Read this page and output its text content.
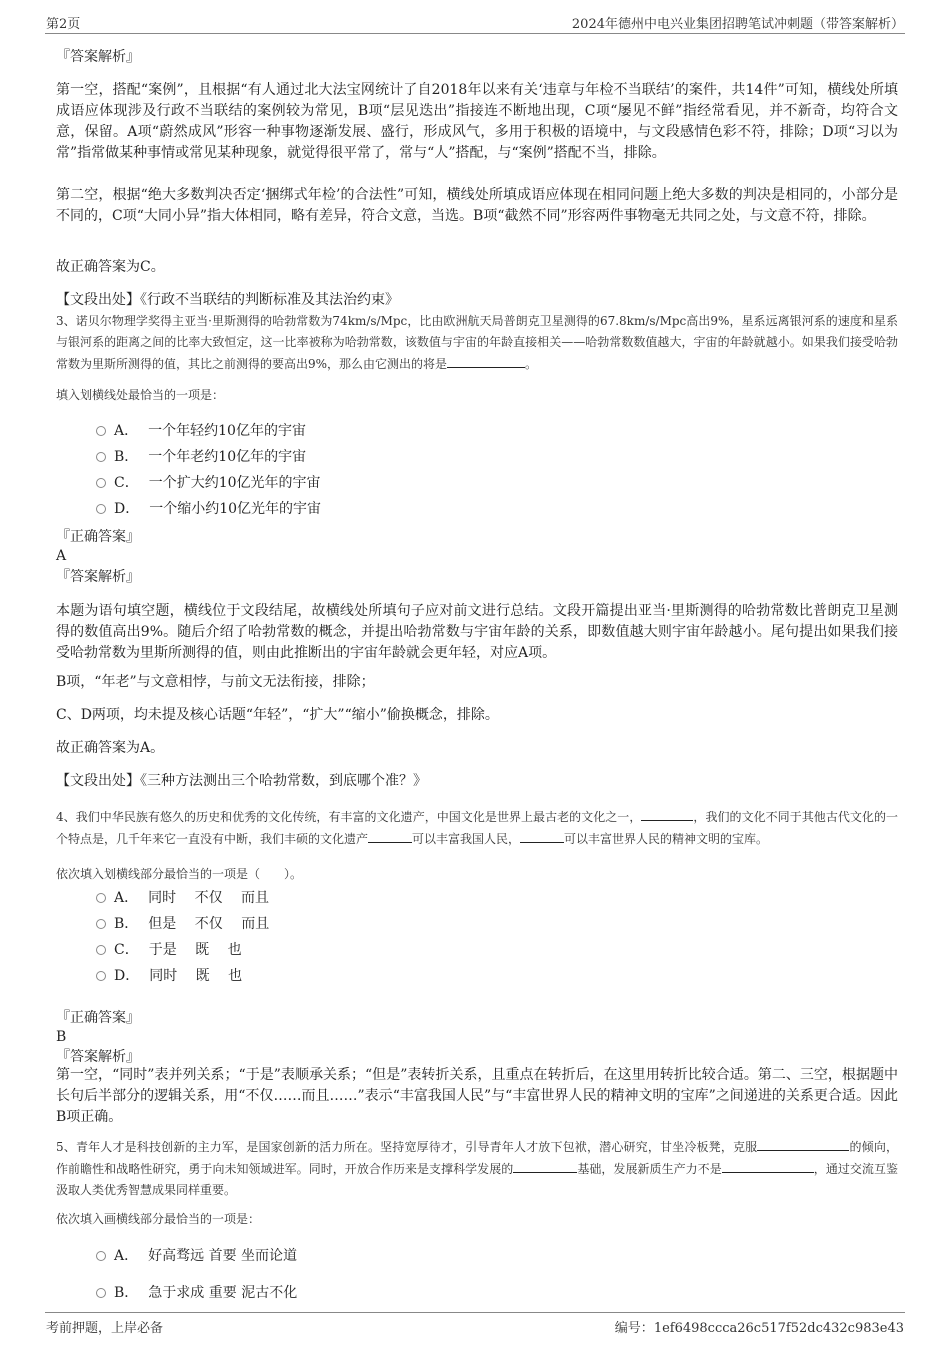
第2页	2024年德州中电兴业集团招聘笔试冲刺题（带答案解析）
『答案解析』

第一空，搭配“案例”，且根据“有人通过北大法宝网统计了自2018年以来有关‘违章与年检不当联结’的案件，共14件”可知，横线处所填成语应体现涉及行政不当联结的案例较为常见，B项“层见迭出”指接连不断地出现，C项“屡见不鲜”指经常看见，并不新奇，均符合文意，保留。A项“蔚然成风”形容一种事物逐渐发展、盛行，形成风气，多用于积极的语境中，与文段感情色彩不符，排除；D项“习以为常”指常做某种事情或常见某种现象，就觉得很平常了，常与“人”搭配，与“案例”搭配不当，排除。

第二空，根据“绝大多数判决否定‘捆绑式年检’的合法性”可知，横线处所填成语应体现在相同问题上绝大多数的判决是相同的，小部分是不同的，C项“大同小异”指大体相同，略有差异，符合文意，当选。B项“截然不同”形容两件事物毫无共同之处，与文意不符，排除。

故正确答案为C。

【文段出处】《行政不当联结的判断标准及其法治约束》

3、诺贝尔物理学奖得主亚当·里斯测得的哈勃常数为74km/s/Mpc，比由欧洲航天局普朗克卫星测得的67.8km/s/Mpc高出9%，星系远离银河系的速度和星系与银河系的距离之间的比率大致恒定，这一比率被称为哈勃常数，该数值与宇宙的年龄直接相关——哈勃常数数值越大，宇宙的年龄就越小。如果我们接受哈勃常数为里斯所测得的值，其比之前测得的要高出9%，那么由它测出的将是	。

填入划横线处最恰当的一项是：

A． 一个年轻约10亿年的宇宙
B． 一个年老约10亿年的宇宙
C． 一个扩大约10亿光年的宇宙
D． 一个缩小约10亿光年的宇宙
『正确答案』
A
『答案解析』

本题为语句填空题，横线位于文段结尾，故横线处所填句子应对前文进行总结。文段开篇提出亚当·里斯测得的哈勃常数比普朗克卫星测得的数值高出9%。随后介绍了哈勃常数的概念，并提出哈勃常数与宇宙年龄的关系，即数值越大则宇宙年龄越小。尾句提出如果我们接受哈勃常数为里斯所测得的值，则由此推断出的宇宙年龄就会更年轻，对应A项。

B项，“年老”与文意相悖，与前文无法衔接，排除；

C、D两项，均未提及核心话题“年轻”，“扩大”“缩小”偷换概念，排除。

故正确答案为A。

【文段出处】《三种方法测出三个哈勃常数，到底哪个准？》

4、我们中华民族有悠久的历史和优秀的文化传统，有丰富的文化遗产，中国文化是世界上最古老的文化之一，	，我们的文化不同于其他古代文化的一个特点是，几千年来它一直没有中断，我们丰硕的文化遗产	可以丰富我国人民，	可以丰富世界人民的精神文明的宝库。

依次填入划横线部分最恰当的一项是（　　）。

A． 同时　 不仅　 而且
B． 但是　 不仅　 而且
C． 于是　 既　 也
D． 同时　 既　 也
『正确答案』
B
『答案解析』

第一空，“同时”表并列关系；“于是”表顺承关系；“但是”表转折关系，且重点在转折后，在这里用转折比较合适。第二、三空，根据题中长句后半部分的逻辑关系，用“不仅……而且……”表示“丰富我国人民”与“丰富世界人民的精神文明的宝库”之间递进的关系更合适。因此B项正确。

5、青年人才是科技创新的主力军，是国家创新的活力所在。坚持宽厚待才，引导青年人才放下包袱，潜心研究，甘坐冷板凳，克服	的倾向，作前瞻性和战略性研究，勇于向未知领域进军。同时，开放合作历来是支撑科学发展的	基础，发展新质生产力不是	，通过交流互鉴汲取人类优秀智慧成果同样重要。

依次填入画横线部分最恰当的一项是：

A． 好高骛远 首要 坐而论道
B． 急于求成 重要 泥古不化
考前押题，上岸必备	编号：1ef6498ccca26c517f52dc432c983e43
